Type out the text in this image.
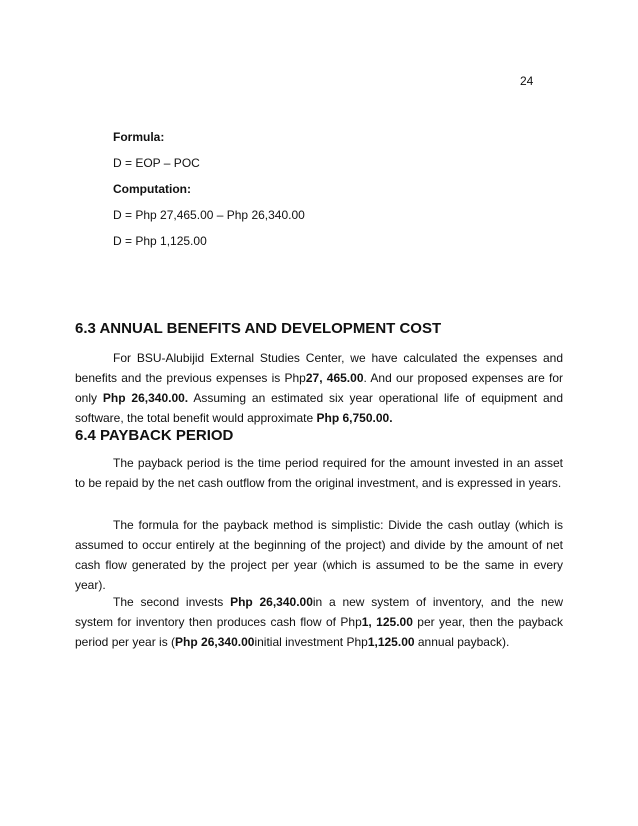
24
Formula:
D = EOP – POC
Computation:
D = Php 27,465.00 – Php 26,340.00
D = Php 1,125.00
6.3 ANNUAL BENEFITS AND DEVELOPMENT COST

For BSU-Alubijid External Studies Center, we have calculated the expenses and benefits and the previous expenses is Php27, 465.00. And our proposed expenses are for only Php 26,340.00. Assuming an estimated six year operational life of equipment and software, the total benefit would approximate Php 6,750.00.

6.4 PAYBACK PERIOD

The payback period is the time period required for the amount invested in an asset to be repaid by the net cash outflow from the original investment, and is expressed in years.

The formula for the payback method is simplistic: Divide the cash outlay (which is assumed to occur entirely at the beginning of the project) and divide by the amount of net cash flow generated by the project per year (which is assumed to be the same in every year).

The second invests Php 26,340.00in a new system of inventory, and the new system for inventory then produces cash flow of Php1, 125.00 per year, then the payback period per year is (Php 26,340.00initial investment Php1,125.00 annual payback).
